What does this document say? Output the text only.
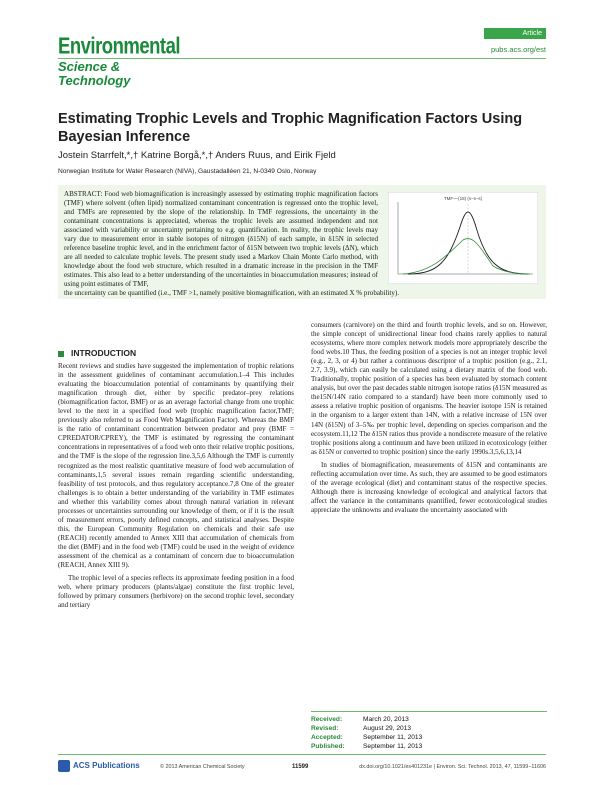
Environmental
Science & Technology
Article
pubs.acs.org/est
Estimating Trophic Levels and Trophic Magnification Factors Using Bayesian Inference
Jostein Starrfelt,*,† Katrine Borgå,*,† Anders Ruus, and Eirik Fjeld
Norwegian Institute for Water Research (NIVA), Gaustadalléen 21, N-0349 Oslo, Norway
ABSTRACT: Food web biomagnification is increasingly assessed by estimating trophic magnification factors (TMF) where solvent (often lipid) normalized contaminant concentration is regressed onto the trophic level, and TMFs are represented by the slope of the relationship. In TMF regressions, the uncertainty in the contaminant concentrations is appreciated, whereas the trophic levels are assumed independent and not associated with variability or uncertainty pertaining to e.g. quantification. In reality, the trophic levels may vary due to measurement error in stable isotopes of nitrogen (δ15N) of each sample, in δ15N in selected reference baseline trophic level, and in the enrichment factor of δ15N between two trophic levels (ΔN), which are all needed to calculate trophic levels. The present study used a Markov Chain Monte Carlo method, with knowledge about the food web structure, which resulted in a dramatic increase in the precision in the TMF estimates. This also lead to a better understanding of the uncertainties in bioaccumulation measures; instead of using point estimates of TMF,
the uncertainty can be quantified (i.e., TMF >1, namely positive biomagnification, with an estimated X % probability).
TMF––(18) (s–s–s)
INTRODUCTION

Recent reviews and studies have suggested the implementation of trophic relations in the assessment guidelines of contaminant accumulation.1–4 This includes evaluating the bioaccumulation potential of contaminants by quantifying their magnification through diet, either by specific predator–prey relations (biomagnification factor, BMF) or as an average factorial change from one trophic level to the next in a specified food web (trophic magnification factor,TMF; previously also referred to as Food Web Magnification Factor). Whereas the BMF is the ratio of contaminant concentration between predator and prey (BMF = CPREDATOR/CPREY), the TMF is estimated by regressing the contaminant concentrations in representatives of a food web onto their relative trophic positions, and the TMF is the slope of the regression line.3,5,6 Although the TMF is currently recognized as the most realistic quantitative measure of food web accumulation of contaminants,1,5 several issues remain regarding scientific understanding, feasibility of test protocols, and thus regulatory acceptance.7,8 One of the greater challenges is to obtain a better understanding of the variability in TMF estimates and whether this variability comes about through natural variation in relevant processes or uncertainties surrounding our knowledge of them, or if it is the result of measurement errors, poorly defined concepts, and statistical analyses. Despite this, the European Community Regulation on chemicals and their safe use (REACH) recently amended to Annex XIII that accumulation of chemicals from the diet (BMF) and in the food web (TMF) could be used in the weight of evidence assessment of the chemical as a contaminant of concern due to bioaccumulation (REACH, Annex XIII 9).

The trophic level of a species reflects its approximate feeding position in a food web, where primary producers (plants/algae) constitute the first trophic level, followed by primary consumers (herbivore) on the second trophic level, secondary and tertiary

consumers (carnivore) on the third and fourth trophic levels, and so on. However, the simple concept of unidirectional linear food chains rarely applies to natural ecosystems, where more complex network models more appropriately describe the food webs.10 Thus, the feeding position of a species is not an integer trophic level (e.g., 2, 3, or 4) but rather a continuous descriptor of a trophic position (e.g., 2.1, 2.7, 3.9), which can easily be calculated using a dietary matrix of the food web. Traditionally, trophic position of a species has been evaluated by stomach content analysis, but over the past decades stable nitrogen isotope ratios (δ15N measured as the15N/14N ratio compared to a standard) have been more commonly used to assess a relative trophic position of organisms. The heavier isotope 15N is retained in the organism to a larger extent than 14N, with a relative increase of 15N over 14N (δ15N) of 3–5‰ per trophic level, depending on species comparison and the ecosystem.11,12 The δ15N ratios thus provide a nondiscrete measure of the relative trophic positions along a continuum and have been utilized in ecotoxicology (either as δ15N or converted to trophic position) since the early 1990s.3,5,6,13,14

In studies of biomagnification, measurements of δ15N and contaminants are reflecting accumulation over time. As such, they are assumed to be good estimators of the average ecological (diet) and contaminant status of the respective species. Although there is increasing knowledge of ecological and analytical factors that affect the variance in the contaminants quantified, fewer ecotoxicological studies appreciate the unknowns and evaluate the uncertainty associated with

Received:	March 20, 2013
Revised:	August 29, 2013
Accepted:	September 11, 2013
Published:	September 11, 2013
ACS Publications	© 2013 American Chemical Society	11599	dx.doi.org/10.1021/es401231e | Environ. Sci. Technol. 2013, 47, 11599−11606
